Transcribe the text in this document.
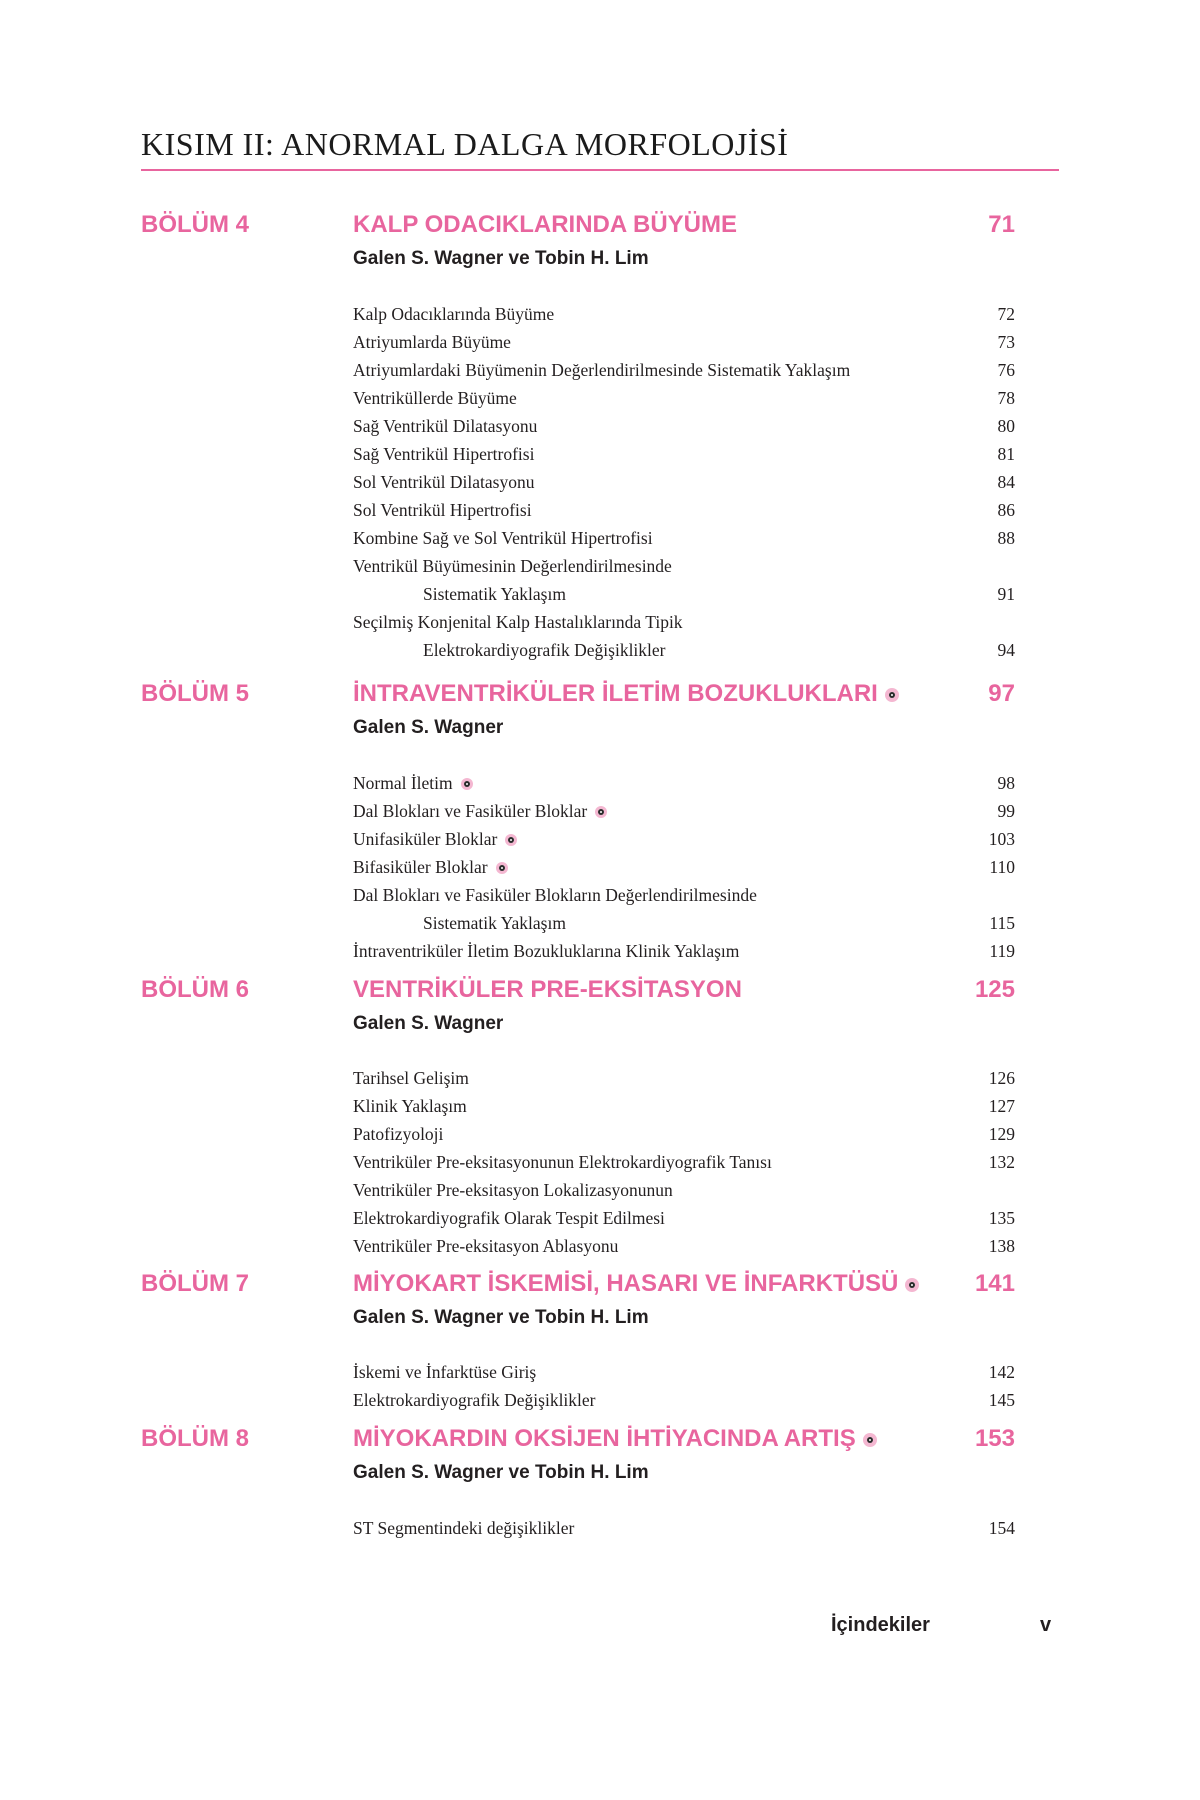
KISIM II: ANORMAL DALGA MORFOLOJİSİ
BÖLÜM 4	KALP ODACIKLARINDA BÜYÜME	71
Galen S. Wagner ve Tobin H. Lim
Kalp Odacıklarında Büyüme	72
Atriyumlarda Büyüme	73
Atriyumlardaki Büyümenin Değerlendirilmesinde Sistematik Yaklaşım	76
Ventriküllerde Büyüme	78
Sağ Ventrikül Dilatasyonu	80
Sağ Ventrikül Hipertrofisi	81
Sol Ventrikül Dilatasyonu	84
Sol Ventrikül Hipertrofisi	86
Kombine Sağ ve Sol Ventrikül Hipertrofisi	88
Ventrikül Büyümesinin Değerlendirilmesinde
Sistematik Yaklaşım	91
Seçilmiş Konjenital Kalp Hastalıklarında Tipik
Elektrokardiyografik Değişiklikler	94
BÖLÜM 5	İNTRAVENTRİKÜLER İLETİM BOZUKLUKLARI	97
Galen S. Wagner
Normal İletim	98
Dal Blokları ve Fasiküler Bloklar	99
Unifasiküler Bloklar	103
Bifasiküler Bloklar	110
Dal Blokları ve Fasiküler Blokların Değerlendirilmesinde
Sistematik Yaklaşım	115
İntraventriküler İletim Bozukluklarına Klinik Yaklaşım	119
BÖLÜM 6	VENTRİKÜLER PRE-EKSİTASYON	125
Galen S. Wagner
Tarihsel Gelişim	126
Klinik Yaklaşım	127
Patofizyoloji	129
Ventriküler Pre-eksitasyonunun Elektrokardiyografik Tanısı	132
Ventriküler Pre-eksitasyon Lokalizasyonunun
Elektrokardiyografik Olarak Tespit Edilmesi	135
Ventriküler Pre-eksitasyon Ablasyonu	138
BÖLÜM 7	MİYOKART İSKEMİSİ, HASARI VE İNFARKTÜSÜ	141
Galen S. Wagner ve Tobin H. Lim
İskemi ve İnfarktüse Giriş	142
Elektrokardiyografik Değişiklikler	145
BÖLÜM 8	MİYOKARDIN OKSİJEN İHTİYACINDA ARTIŞ	153
Galen S. Wagner ve Tobin H. Lim
ST Segmentindeki değişiklikler	154
İçindekiler	v
